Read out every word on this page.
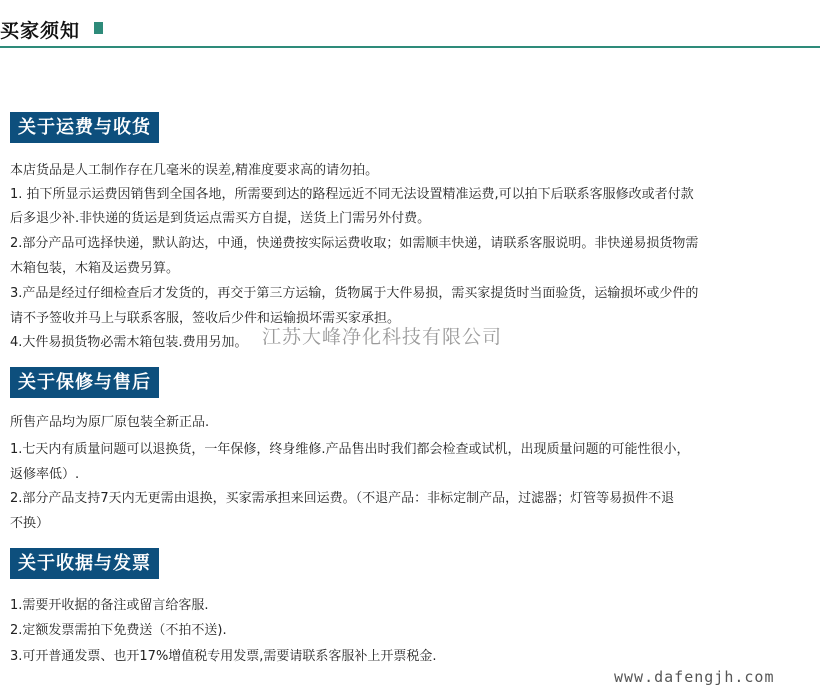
买家须知
关于运费与收货
本店货品是人工制作存在几毫米的误差,精准度要求高的请勿拍。
1. 拍下所显示运费因销售到全国各地，所需要到达的路程远近不同无法设置精准运费,可以拍下后联系客服修改或者付款
后多退少补.非快递的货运是到货运点需买方自提，送货上门需另外付费。
2.部分产品可选择快递，默认韵达，中通，快递费按实际运费收取；如需顺丰快递，请联系客服说明。非快递易损货物需
木箱包装，木箱及运费另算。
3.产品是经过仔细检查后才发货的，再交于第三方运输，货物属于大件易损，需买家提货时当面验货，运输损坏或少件的
请不予签收并马上与联系客服，签收后少件和运输损坏需买家承担。
4.大件易损货物必需木箱包装.费用另加。
关于保修与售后
所售产品均为原厂原包装全新正品.
1.七天内有质量问题可以退换货，一年保修，终身维修.产品售出时我们都会检查或试机，出现质量问题的可能性很小，
返修率低）.
2.部分产品支持7天内无更需由退换，买家需承担来回运费。（不退产品：非标定制产品，过滤器；灯管等易损件不退
不换）
关于收据与发票
1.需要开收据的备注或留言给客服.
2.定额发票需拍下免费送（不拍不送).
3.可开普通发票、也开17%增值税专用发票,需要请联系客服补上开票税金.
江苏大峰净化科技有限公司
www.dafengjh.com
